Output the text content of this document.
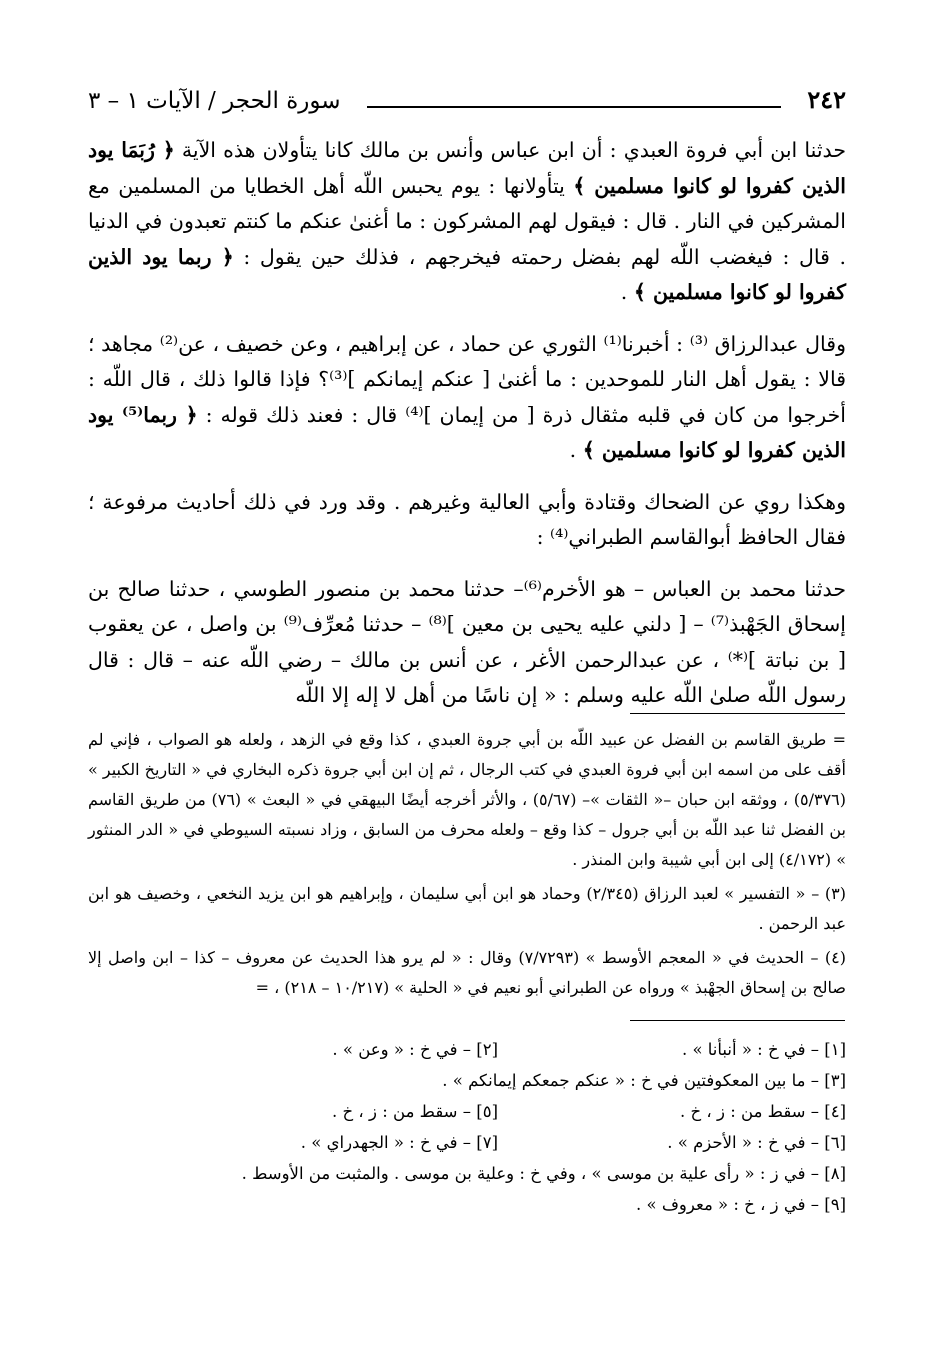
٢٤٢
سورة الحجر / الآيات ١ – ٣

حدثنا ابن أبي فروة العبدي : أن ابن عباس وأنس بن مالك كانا يتأولان هذه الآية ﴿ رُبَمَا يود الذين كفروا لو كانوا مسلمين ﴾ يتأولانها : يوم يحبس اللّه أهل الخطايا من المسلمين مع المشركين في النار . قال : فيقول لهم المشركون : ما أغنىٰ عنكم ما كنتم تعبدون في الدنيا . قال : فيغضب اللّه لهم بفضل رحمته فيخرجهم ، فذلك حين يقول : ﴿ ربما يود الذين كفروا لو كانوا مسلمين ﴾ .

وقال عبدالرزاق ⁽³⁾ : أخبرنا⁽¹⁾ الثوري عن حماد ، عن إبراهيم ، وعن خصيف ، عن⁽²⁾ مجاهد ؛ قالا : يقول أهل النار للموحدين : ما أغنىٰ [ عنكم إيمانكم ]⁽³⁾؟ فإذا قالوا ذلك ، قال اللّه : أخرجوا من كان في قلبه مثقال ذرة [ من إيمان ]⁽⁴⁾ قال : فعند ذلك قوله : ﴿ ربما⁽⁵⁾ يود الذين كفروا لو كانوا مسلمين ﴾ .

وهكذا روي عن الضحاك وقتادة وأبي العالية وغيرهم . وقد ورد في ذلك أحاديث مرفوعة ؛ فقال الحافظ أبوالقاسم الطبراني⁽⁴⁾ :

حدثنا محمد بن العباس – هو الأخرم⁽⁶⁾– حدثنا محمد بن منصور الطوسي ، حدثنا صالح بن إسحاق الجَهْبذ⁽⁷⁾ – [ دلني عليه يحيى بن معين ]⁽⁸⁾ – حدثنا مُعرِّف⁽⁹⁾ بن واصل ، عن يعقوب [ بن نباتة ]⁽*⁾ ، عن عبدالرحمن الأغر ، عن أنس بن مالك – رضي اللّه عنه – قال : قال رسول اللّه صلىٰ اللّه عليه وسلم : « إن ناسًا من أهل لا إله إلا اللّه

= طريق القاسم بن الفضل عن عبيد اللّه بن أبي جروة العبدي ، كذا وقع في الزهد ، ولعله هو الصواب ، فإني لم أقف على من اسمه ابن أبي فروة العبدي في كتب الرجال ، ثم إن ابن أبي جروة ذكره البخاري في « التاريخ الكبير » (٥/٣٧٦) ، ووثقه ابن حبان –« الثقات »– (٥/٦٧) ، والأثر أخرجه أيضًا البيهقي في « البعث » (٧٦) من طريق القاسم بن الفضل ثنا عبد اللّه بن أبي جرول – كذا وقع – ولعله محرف من السابق ، وزاد نسبته السيوطي في « الدر المنثور » (٤/١٧٢) إلى ابن أبي شيبة وابن المنذر .

(٣) – « التفسير » لعبد الرزاق (٢/٣٤٥) وحماد هو ابن أبي سليمان ، وإبراهيم هو ابن يزيد النخعي ، وخصيف هو ابن عبد الرحمن .

(٤) – الحديث في « المعجم الأوسط » (٧/٧٢٩٣) وقال : « لم يرو هذا الحديث عن معروف – كذا – ابن واصل إلا صالح بن إسحاق الجهْبذ » ورواه عن الطبراني أبو نعيم في « الحلية » (١٠/٢١٧ – ٢١٨) ، =

[١] – في خ : « أنبأنا » .
[٢] – في خ : « وعن » .
[٣] – ما بين المعكوفتين في خ : « عنكم جمعكم إيمانكم » .
[٤] – سقط من : ز ، خ .
[٥] – سقط من : ز ، خ .
[٦] – في خ : « الأحزم » .
[٧] – في خ : « الجهدراي » .
[٨] – في ز : « رأى علية بن موسى » ، وفي خ : وعلية بن موسى . والمثبت من الأوسط .
[٩] – في ز ، خ : « معروف » .
